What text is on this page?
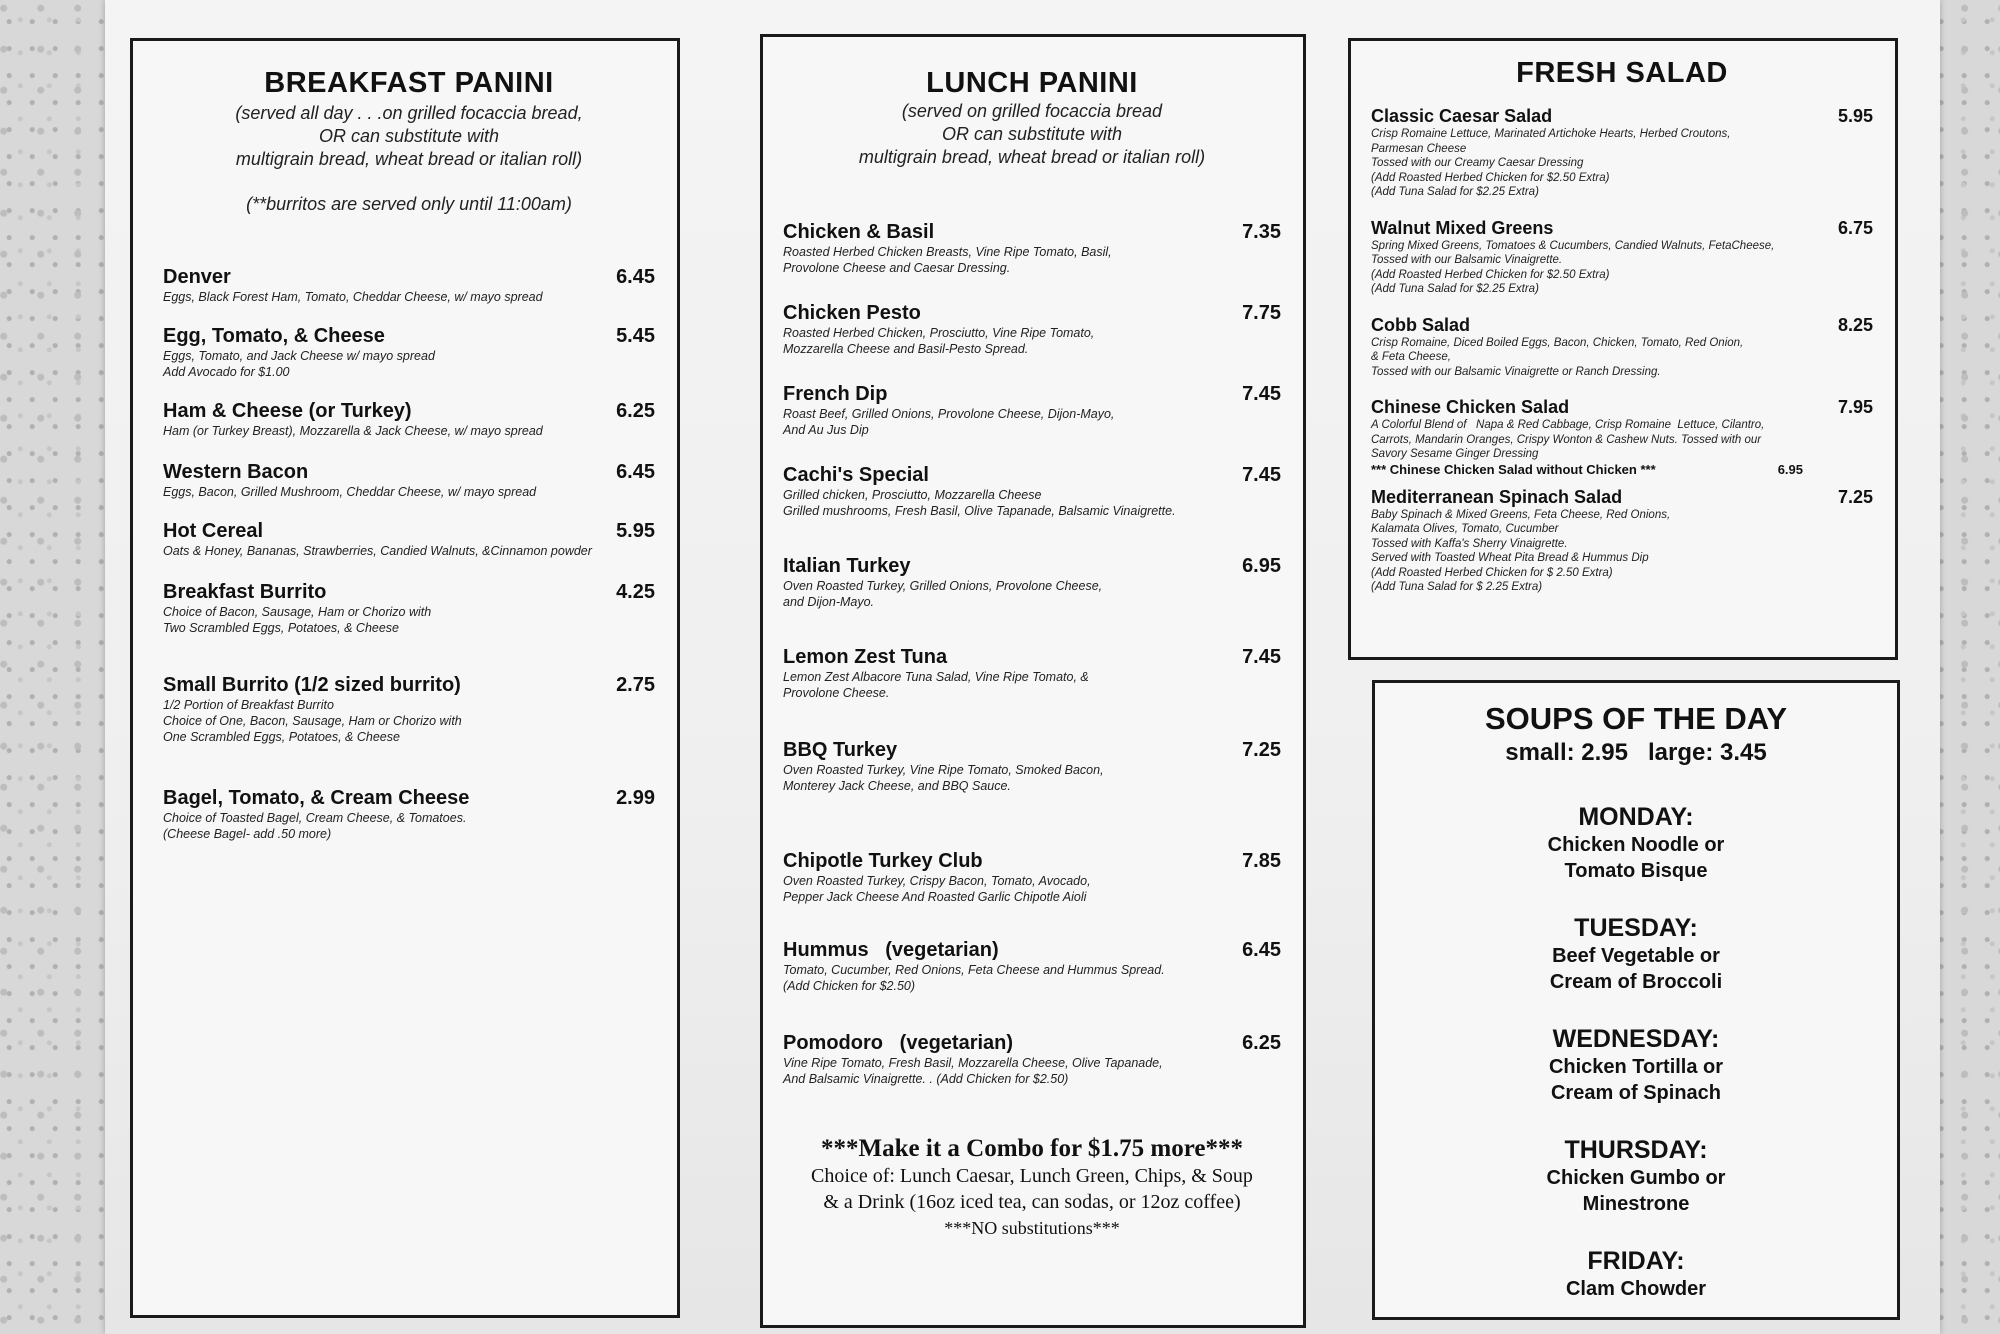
BREAKFAST PANINI
(served all day . . .on grilled focaccia bread,
OR can substitute with
multigrain bread, wheat bread or italian roll)
(**burritos are served only until 11:00am)
Denver	6.45
Eggs, Black Forest Ham, Tomato, Cheddar Cheese, w/ mayo spread
Egg, Tomato, & Cheese	5.45
Eggs, Tomato, and Jack Cheese w/ mayo spread
Add Avocado for $1.00
Ham & Cheese (or Turkey)	6.25
Ham (or Turkey Breast), Mozzarella & Jack Cheese, w/ mayo spread
Western Bacon	6.45
Eggs, Bacon, Grilled Mushroom, Cheddar Cheese, w/ mayo spread
Hot Cereal	5.95
Oats & Honey, Bananas, Strawberries, Candied Walnuts, &Cinnamon powder
Breakfast Burrito	4.25
Choice of Bacon, Sausage, Ham or Chorizo with
Two Scrambled Eggs, Potatoes, & Cheese
Small Burrito (1/2 sized burrito)	2.75
1/2 Portion of Breakfast Burrito
Choice of One, Bacon, Sausage, Ham or Chorizo with
One Scrambled Eggs, Potatoes, & Cheese
Bagel, Tomato, & Cream Cheese	2.99
Choice of Toasted Bagel, Cream Cheese, & Tomatoes.
(Cheese Bagel- add .50 more)
LUNCH PANINI
(served on grilled focaccia bread
OR can substitute with
multigrain bread, wheat bread or italian roll)
Chicken & Basil	7.35
Roasted Herbed Chicken Breasts, Vine Ripe Tomato, Basil,
Provolone Cheese and Caesar Dressing.
Chicken Pesto	7.75
Roasted Herbed Chicken, Prosciutto, Vine Ripe Tomato,
Mozzarella Cheese and Basil-Pesto Spread.
French Dip	7.45
Roast Beef, Grilled Onions, Provolone Cheese, Dijon-Mayo,
And Au Jus Dip
Cachi's Special	7.45
Grilled chicken, Prosciutto, Mozzarella Cheese
Grilled mushrooms, Fresh Basil, Olive Tapanade, Balsamic Vinaigrette.
Italian Turkey	6.95
Oven Roasted Turkey, Grilled Onions, Provolone Cheese,
and Dijon-Mayo.
Lemon Zest Tuna	7.45
Lemon Zest Albacore Tuna Salad, Vine Ripe Tomato, &
Provolone Cheese.
BBQ Turkey	7.25
Oven Roasted Turkey, Vine Ripe Tomato, Smoked Bacon,
Monterey Jack Cheese, and BBQ Sauce.
Chipotle Turkey Club	7.85
Oven Roasted Turkey, Crispy Bacon, Tomato, Avocado,
Pepper Jack Cheese And Roasted Garlic Chipotle Aioli
Hummus   (vegetarian)	6.45
Tomato, Cucumber, Red Onions, Feta Cheese and Hummus Spread.
(Add Chicken for $2.50)
Pomodoro   (vegetarian)	6.25
Vine Ripe Tomato, Fresh Basil, Mozzarella Cheese, Olive Tapanade,
And Balsamic Vinaigrette. . (Add Chicken for $2.50)
***Make it a Combo for $1.75 more***
Choice of: Lunch Caesar, Lunch Green, Chips, & Soup
& a Drink (16oz iced tea, can sodas, or 12oz coffee)
***NO substitutions***
FRESH SALAD
Classic Caesar Salad	5.95
Crisp Romaine Lettuce, Marinated Artichoke Hearts, Herbed Croutons,
Parmesan Cheese
Tossed with our Creamy Caesar Dressing
(Add Roasted Herbed Chicken for $2.50 Extra)
(Add Tuna Salad for $2.25 Extra)
Walnut Mixed Greens	6.75
Spring Mixed Greens, Tomatoes & Cucumbers, Candied Walnuts, FetaCheese,
Tossed with our Balsamic Vinaigrette.
(Add Roasted Herbed Chicken for $2.50 Extra)
(Add Tuna Salad for $2.25 Extra)
Cobb Salad	8.25
Crisp Romaine, Diced Boiled Eggs, Bacon, Chicken, Tomato, Red Onion,
& Feta Cheese,
Tossed with our Balsamic Vinaigrette or Ranch Dressing.
Chinese Chicken Salad	7.95
A Colorful Blend of   Napa & Red Cabbage, Crisp Romaine  Lettuce, Cilantro,
Carrots, Mandarin Oranges, Crispy Wonton & Cashew Nuts. Tossed with our
Savory Sesame Ginger Dressing
*** Chinese Chicken Salad without Chicken ***	6.95
Mediterranean Spinach Salad	7.25
Baby Spinach & Mixed Greens, Feta Cheese, Red Onions,
Kalamata Olives, Tomato, Cucumber
Tossed with Kaffa's Sherry Vinaigrette.
Served with Toasted Wheat Pita Bread & Hummus Dip
(Add Roasted Herbed Chicken for $ 2.50 Extra)
(Add Tuna Salad for $ 2.25 Extra)
SOUPS OF THE DAY
small: 2.95   large: 3.45
MONDAY:
Chicken Noodle or
Tomato Bisque
TUESDAY:
Beef Vegetable or
Cream of Broccoli
WEDNESDAY:
Chicken Tortilla or
Cream of Spinach
THURSDAY:
Chicken Gumbo or
Minestrone
FRIDAY:
Clam Chowder
